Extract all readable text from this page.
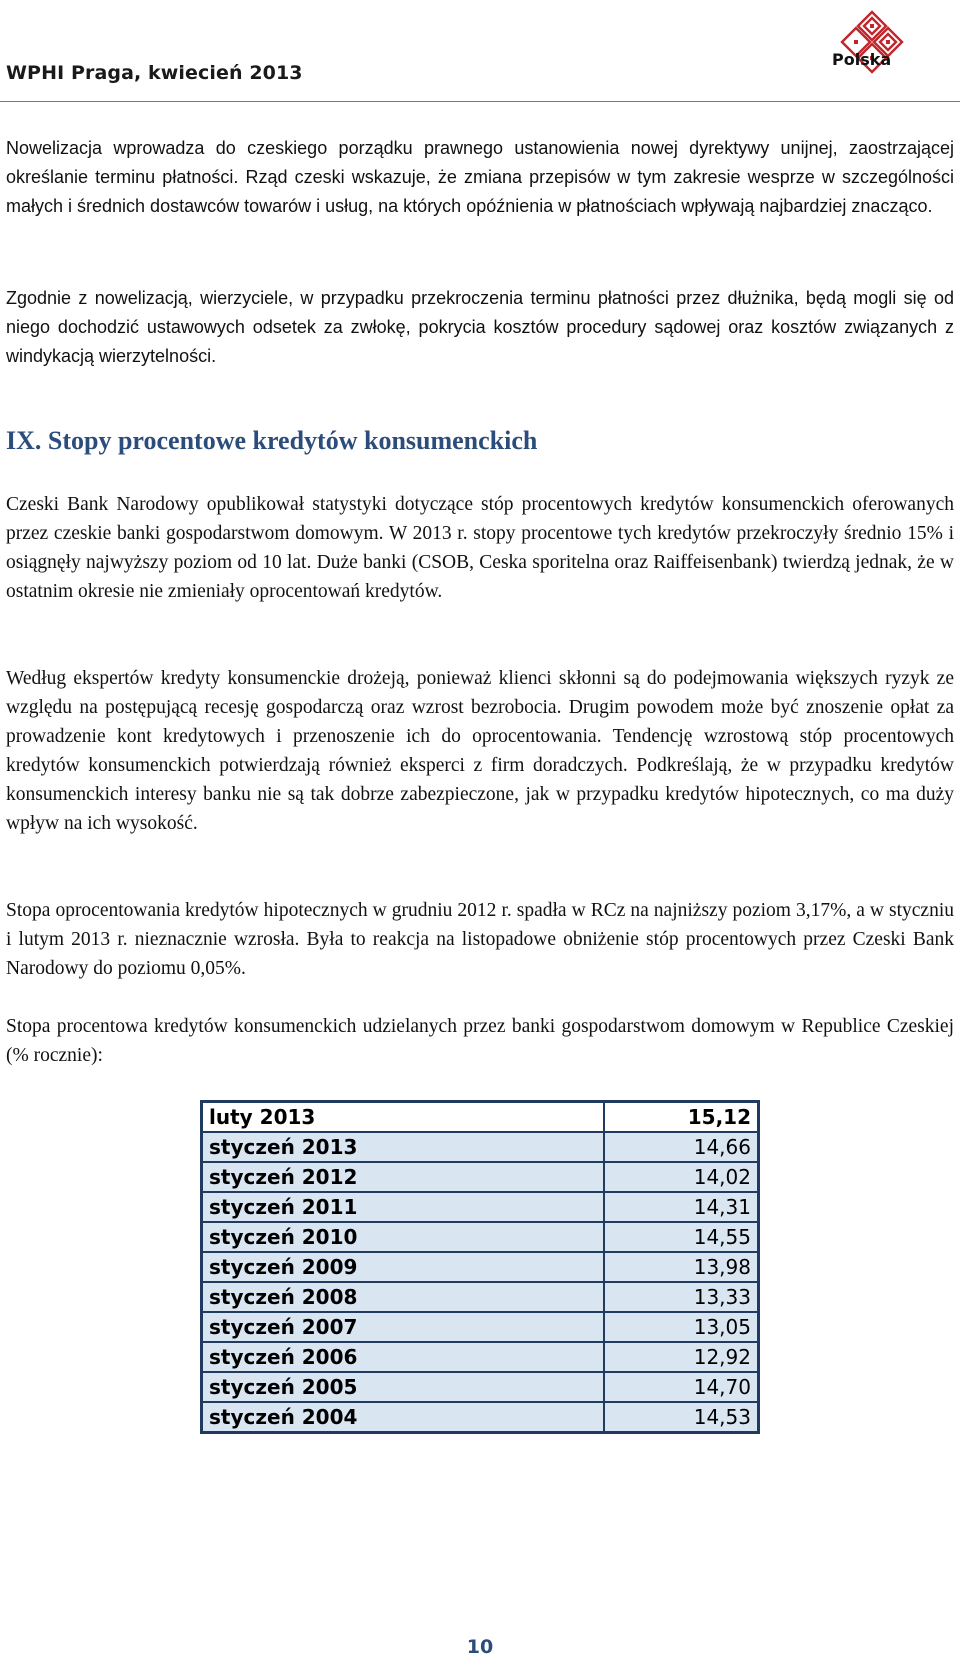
WPHI Praga, kwiecień 2013
Polska

Nowelizacja wprowadza do czeskiego porządku prawnego ustanowienia nowej dyrektywy unijnej, zaostrzającej określanie terminu płatności. Rząd czeski wskazuje, że zmiana przepisów w tym zakresie wesprze w szczególności małych i średnich dostawców towarów i usług, na których opóźnienia w płatnościach wpływają najbardziej znacząco.

Zgodnie z nowelizacją, wierzyciele, w przypadku przekroczenia terminu płatności przez dłużnika, będą mogli się od niego dochodzić ustawowych odsetek za zwłokę, pokrycia kosztów procedury sądowej oraz kosztów związanych z windykacją wierzytelności.

IX. Stopy procentowe kredytów konsumenckich

Czeski Bank Narodowy opublikował statystyki dotyczące stóp procentowych kredytów konsumenckich oferowanych przez czeskie banki gospodarstwom domowym. W 2013 r. stopy procentowe tych kredytów przekroczyły średnio 15% i osiągnęły najwyższy poziom od 10 lat. Duże banki (CSOB, Ceska sporitelna oraz Raiffeisenbank) twierdzą jednak, że w ostatnim okresie nie zmieniały oprocentowań kredytów.

Według ekspertów kredyty konsumenckie drożeją, ponieważ klienci skłonni są do podejmowania większych ryzyk ze względu na postępującą recesję gospodarczą oraz wzrost bezrobocia. Drugim powodem może być znoszenie opłat za prowadzenie kont kredytowych i przenoszenie ich do oprocentowania. Tendencję wzrostową stóp procentowych kredytów konsumenckich potwierdzają również eksperci z firm doradczych. Podkreślają, że w przypadku kredytów konsumenckich interesy banku nie są tak dobrze zabezpieczone, jak w przypadku kredytów hipotecznych, co ma duży wpływ na ich wysokość.

Stopa oprocentowania kredytów hipotecznych w grudniu 2012 r. spadła w RCz na najniższy poziom 3,17%, a w styczniu i lutym 2013 r. nieznacznie wzrosła. Była to reakcja na listopadowe obniżenie stóp procentowych przez Czeski Bank Narodowy do poziomu 0,05%.

Stopa procentowa kredytów konsumenckich udzielanych przez banki gospodarstwom domowym w Republice Czeskiej (% rocznie):

luty 2013	15,12
styczeń 2013	14,66
styczeń 2012	14,02
styczeń 2011	14,31
styczeń 2010	14,55
styczeń 2009	13,98
styczeń 2008	13,33
styczeń 2007	13,05
styczeń 2006	12,92
styczeń 2005	14,70
styczeń 2004	14,53
10
